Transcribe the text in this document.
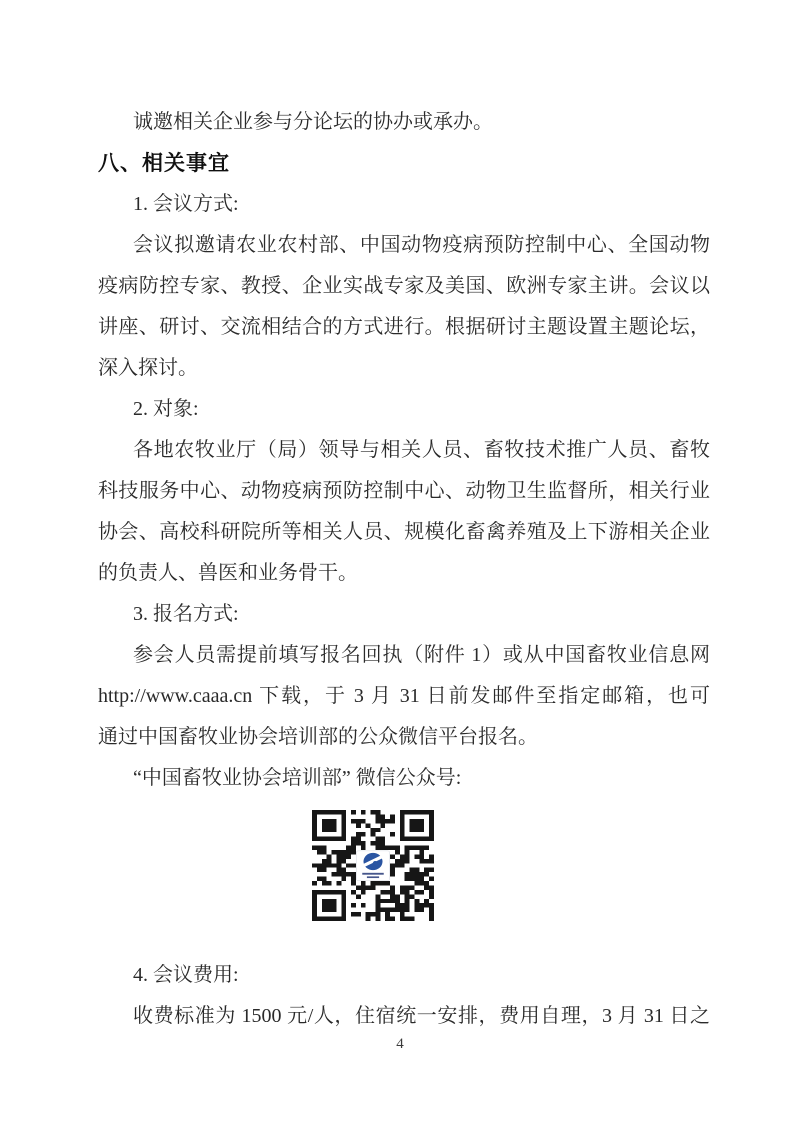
诚邀相关企业参与分论坛的协办或承办。
八、相关事宜
1. 会议方式:
会议拟邀请农业农村部、中国动物疫病预防控制中心、全国动物
疫病防控专家、教授、企业实战专家及美国、欧洲专家主讲。会议以
讲座、研讨、交流相结合的方式进行。根据研讨主题设置主题论坛，
深入探讨。
2. 对象:
各地农牧业厅（局）领导与相关人员、畜牧技术推广人员、畜牧
科技服务中心、动物疫病预防控制中心、动物卫生监督所，相关行业
协会、高校科研院所等相关人员、规模化畜禽养殖及上下游相关企业
的负责人、兽医和业务骨干。
3. 报名方式:
参会人员需提前填写报名回执（附件 1）或从中国畜牧业信息网
http://www.caaa.cn 下载，于 3 月 31 日前发邮件至指定邮箱，也可
通过中国畜牧业协会培训部的公众微信平台报名。
“中国畜牧业协会培训部” 微信公众号:
4. 会议费用:
收费标准为 1500 元/人，住宿统一安排，费用自理，3 月 31 日之
4
